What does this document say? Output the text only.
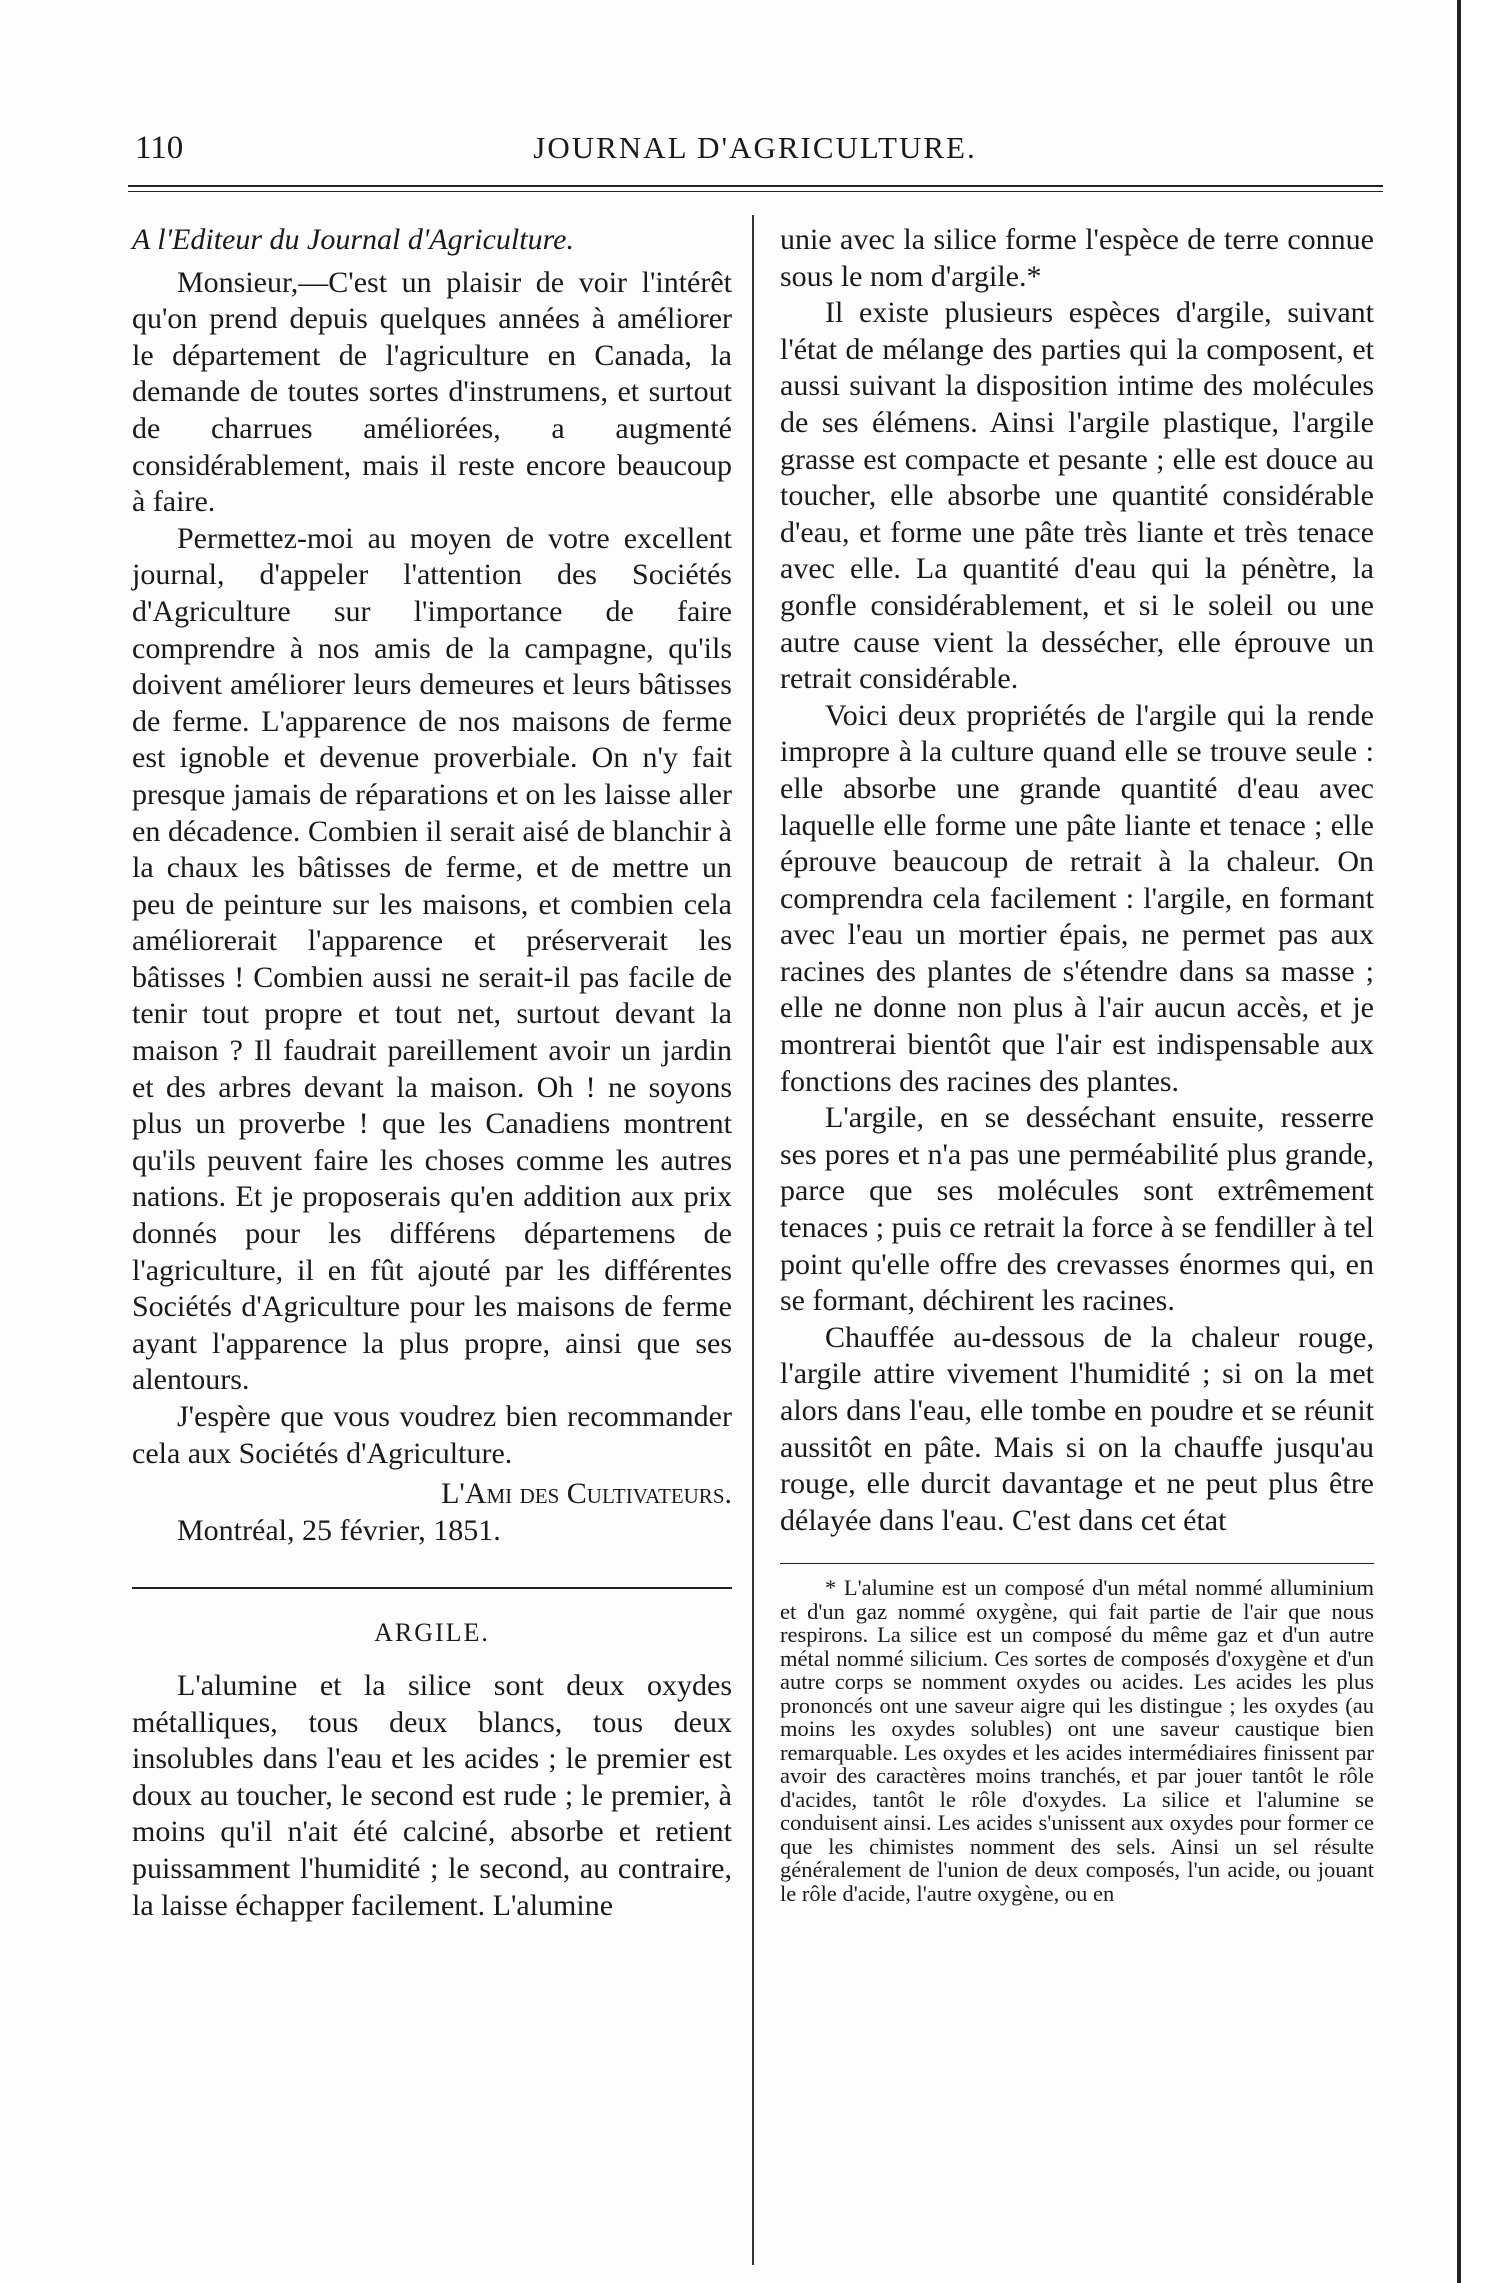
110	JOURNAL D'AGRICULTURE.

A l'Editeur du Journal d'Agriculture.

Monsieur,—C'est un plaisir de voir l'intérêt qu'on prend depuis quelques années à améliorer le département de l'agriculture en Canada, la demande de toutes sortes d'instrumens, et surtout de charrues améliorées, a augmenté considérablement, mais il reste encore beaucoup à faire.

Permettez-moi au moyen de votre excellent journal, d'appeler l'attention des Sociétés d'Agriculture sur l'importance de faire comprendre à nos amis de la campagne, qu'ils doivent améliorer leurs demeures et leurs bâtisses de ferme. L'apparence de nos maisons de ferme est ignoble et devenue proverbiale. On n'y fait presque jamais de réparations et on les laisse aller en décadence. Combien il serait aisé de blanchir à la chaux les bâtisses de ferme, et de mettre un peu de peinture sur les maisons, et combien cela améliorerait l'apparence et préserverait les bâtisses ! Combien aussi ne serait-il pas facile de tenir tout propre et tout net, surtout devant la maison ? Il faudrait pareillement avoir un jardin et des arbres devant la maison. Oh ! ne soyons plus un proverbe ! que les Canadiens montrent qu'ils peuvent faire les choses comme les autres nations. Et je proposerais qu'en addition aux prix donnés pour les différens départemens de l'agriculture, il en fût ajouté par les différentes Sociétés d'Agriculture pour les maisons de ferme ayant l'apparence la plus propre, ainsi que ses alentours.

J'espère que vous voudrez bien recommander cela aux Sociétés d'Agriculture.

L'Ami des Cultivateurs.

Montréal, 25 février, 1851.

ARGILE.

L'alumine et la silice sont deux oxydes métalliques, tous deux blancs, tous deux insolubles dans l'eau et les acides ; le premier est doux au toucher, le second est rude ; le premier, à moins qu'il n'ait été calciné, absorbe et retient puissamment l'humidité ; le second, au contraire, la laisse échapper facilement. L'alumine

unie avec la silice forme l'espèce de terre connue sous le nom d'argile.*

Il existe plusieurs espèces d'argile, suivant l'état de mélange des parties qui la composent, et aussi suivant la disposition intime des molécules de ses élémens. Ainsi l'argile plastique, l'argile grasse est compacte et pesante ; elle est douce au toucher, elle absorbe une quantité considérable d'eau, et forme une pâte très liante et très tenace avec elle. La quantité d'eau qui la pénètre, la gonfle considérablement, et si le soleil ou une autre cause vient la dessécher, elle éprouve un retrait considérable.

Voici deux propriétés de l'argile qui la rende impropre à la culture quand elle se trouve seule : elle absorbe une grande quantité d'eau avec laquelle elle forme une pâte liante et tenace ; elle éprouve beaucoup de retrait à la chaleur. On comprendra cela facilement : l'argile, en formant avec l'eau un mortier épais, ne permet pas aux racines des plantes de s'étendre dans sa masse ; elle ne donne non plus à l'air aucun accès, et je montrerai bientôt que l'air est indispensable aux fonctions des racines des plantes.

L'argile, en se desséchant ensuite, resserre ses pores et n'a pas une perméabilité plus grande, parce que ses molécules sont extrêmement tenaces ; puis ce retrait la force à se fendiller à tel point qu'elle offre des crevasses énormes qui, en se formant, déchirent les racines.

Chauffée au-dessous de la chaleur rouge, l'argile attire vivement l'humidité ; si on la met alors dans l'eau, elle tombe en poudre et se réunit aussitôt en pâte. Mais si on la chauffe jusqu'au rouge, elle durcit davantage et ne peut plus être délayée dans l'eau. C'est dans cet état

* L'alumine est un composé d'un métal nommé alluminium et d'un gaz nommé oxygène, qui fait partie de l'air que nous respirons. La silice est un composé du même gaz et d'un autre métal nommé silicium. Ces sortes de composés d'oxygène et d'un autre corps se nomment oxydes ou acides. Les acides les plus prononcés ont une saveur aigre qui les distingue ; les oxydes (au moins les oxydes solubles) ont une saveur caustique bien remarquable. Les oxydes et les acides intermédiaires finissent par avoir des caractères moins tranchés, et par jouer tantôt le rôle d'acides, tantôt le rôle d'oxydes. La silice et l'alumine se conduisent ainsi. Les acides s'unissent aux oxydes pour former ce que les chimistes nomment des sels. Ainsi un sel résulte généralement de l'union de deux composés, l'un acide, ou jouant le rôle d'acide, l'autre oxygène, ou en
